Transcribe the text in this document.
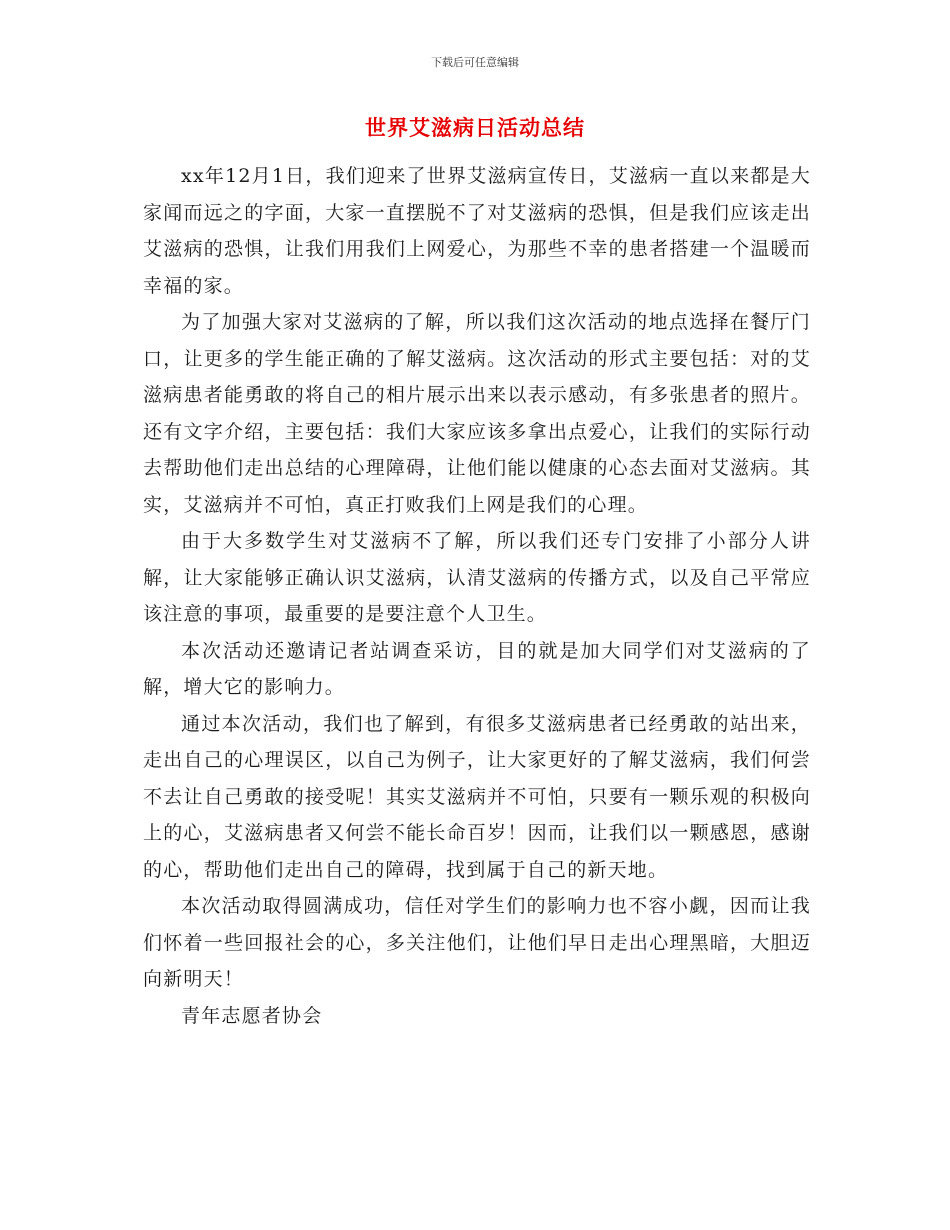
下载后可任意编辑
世界艾滋病日活动总结

xx年12月1日，我们迎来了世界艾滋病宣传日，艾滋病一直以来都是大家闻而远之的字面，大家一直摆脱不了对艾滋病的恐惧，但是我们应该走出艾滋病的恐惧，让我们用我们上网爱心，为那些不幸的患者搭建一个温暖而幸福的家。

为了加强大家对艾滋病的了解，所以我们这次活动的地点选择在餐厅门口，让更多的学生能正确的了解艾滋病。这次活动的形式主要包括：对的艾滋病患者能勇敢的将自己的相片展示出来以表示感动，有多张患者的照片。还有文字介绍，主要包括：我们大家应该多拿出点爱心，让我们的实际行动去帮助他们走出总结的心理障碍，让他们能以健康的心态去面对艾滋病。其实，艾滋病并不可怕，真正打败我们上网是我们的心理。

由于大多数学生对艾滋病不了解，所以我们还专门安排了小部分人讲解，让大家能够正确认识艾滋病，认清艾滋病的传播方式，以及自己平常应该注意的事项，最重要的是要注意个人卫生。

本次活动还邀请记者站调查采访，目的就是加大同学们对艾滋病的了解，增大它的影响力。

通过本次活动，我们也了解到，有很多艾滋病患者已经勇敢的站出来，走出自己的心理误区，以自己为例子，让大家更好的了解艾滋病，我们何尝不去让自己勇敢的接受呢！其实艾滋病并不可怕，只要有一颗乐观的积极向上的心，艾滋病患者又何尝不能长命百岁！因而，让我们以一颗感恩，感谢的心，帮助他们走出自己的障碍，找到属于自己的新天地。

本次活动取得圆满成功，信任对学生们的影响力也不容小觑，因而让我们怀着一些回报社会的心，多关注他们，让他们早日走出心理黑暗，大胆迈向新明天！

青年志愿者协会
